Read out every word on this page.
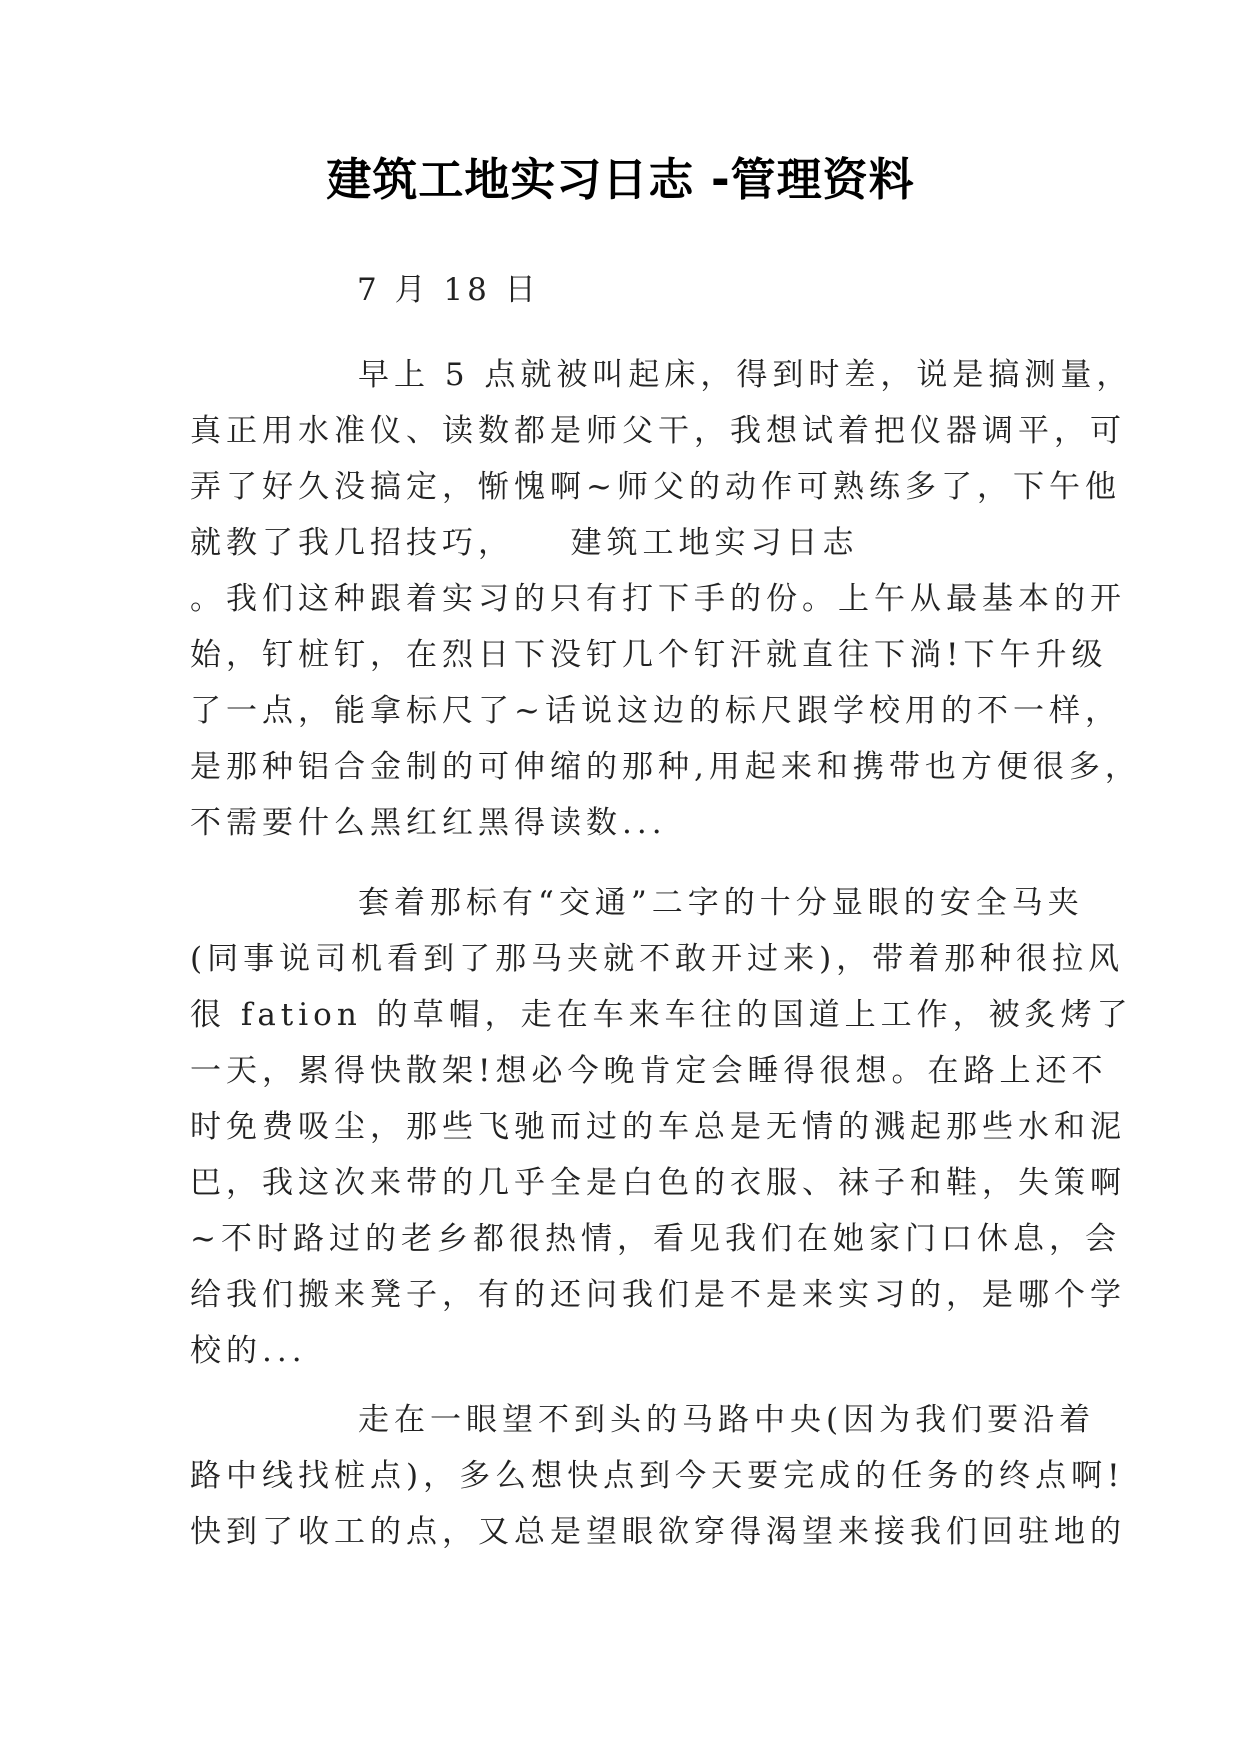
建筑工地实习日志 -管理资料
7 月 18 日
早上 5 点就被叫起床，得到时差，说是搞测量，
真正用水准仪、读数都是师父干，我想试着把仪器调平，可
弄了好久没搞定，惭愧啊~师父的动作可熟练多了，下午他
就教了我几招技巧，　　建筑工地实习日志
。我们这种跟着实习的只有打下手的份。上午从最基本的开
始，钉桩钉，在烈日下没钉几个钉汗就直往下淌!下午升级
了一点，能拿标尺了~话说这边的标尺跟学校用的不一样，
是那种铝合金制的可伸缩的那种,用起来和携带也方便很多，
不需要什么黑红红黑得读数...
套着那标有“交通”二字的十分显眼的安全马夹
(同事说司机看到了那马夹就不敢开过来)，带着那种很拉风
很 fation 的草帽，走在车来车往的国道上工作，被炙烤了
一天，累得快散架!想必今晚肯定会睡得很想。在路上还不
时免费吸尘，那些飞驰而过的车总是无情的溅起那些水和泥
巴，我这次来带的几乎全是白色的衣服、袜子和鞋，失策啊
~不时路过的老乡都很热情，看见我们在她家门口休息，会
给我们搬来凳子，有的还问我们是不是来实习的，是哪个学
校的...
走在一眼望不到头的马路中央(因为我们要沿着
路中线找桩点)，多么想快点到今天要完成的任务的终点啊!
快到了收工的点，又总是望眼欲穿得渴望来接我们回驻地的
